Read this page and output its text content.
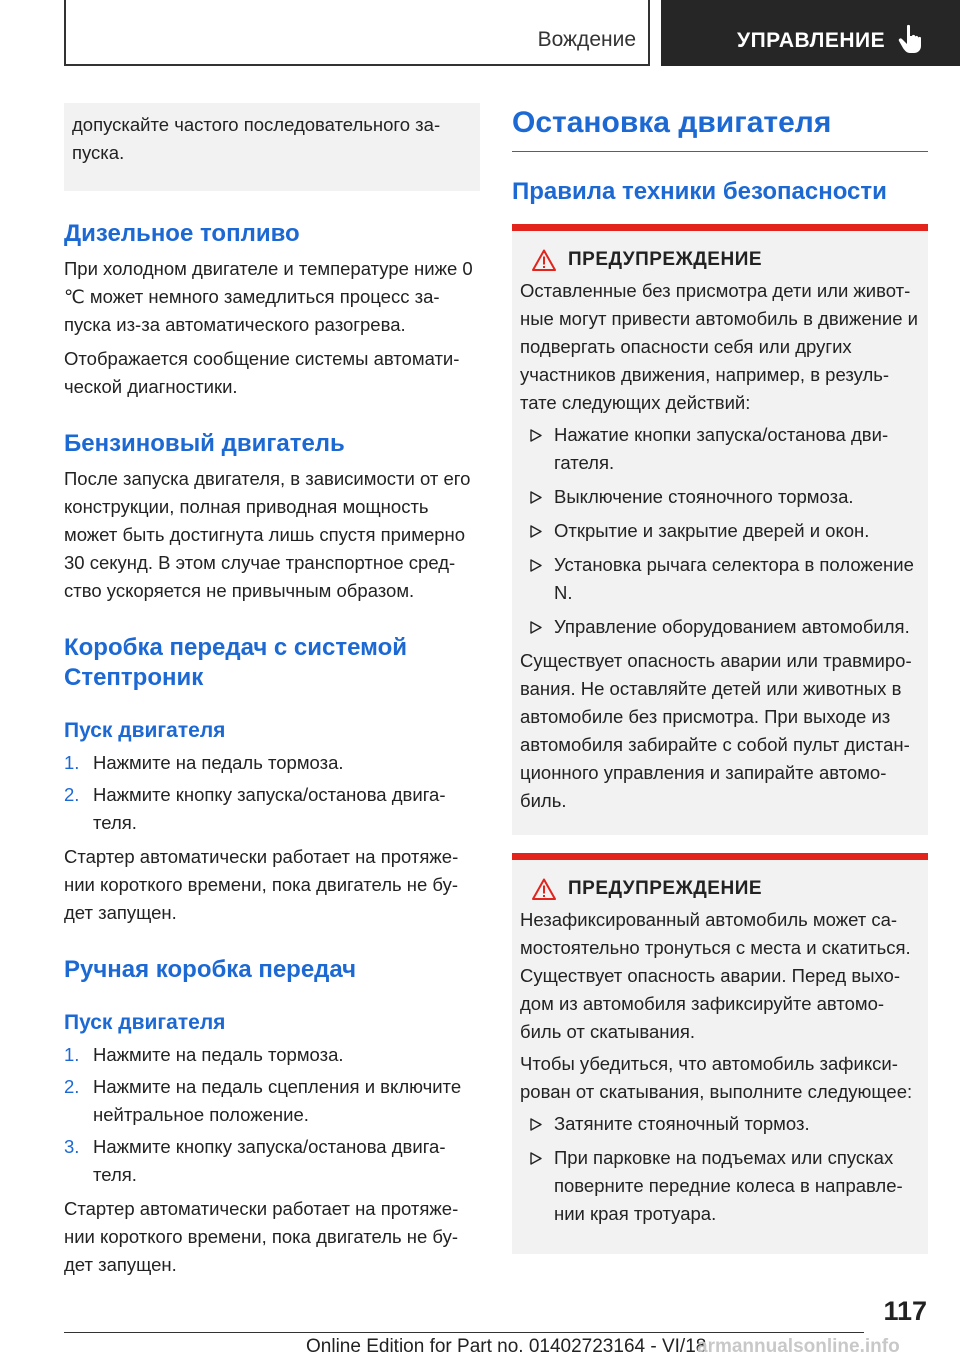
Вождение	УПРАВЛЕНИЕ
допускайте частого последовательного за‐ пуска.
Дизельное топливо

При холодном двигателе и температуре ниже 0 ℃ может немного замедлиться процесс за‐ пуска из-за автоматического разогрева.

Отображается сообщение системы автомати‐ ческой диагностики.

Бензиновый двигатель

После запуска двигателя, в зависимости от его конструкции, полная приводная мощность может быть достигнута лишь спустя примерно 30 секунд. В этом случае транспортное сред‐ ство ускоряется не привычным образом.

Коробка передач с системой Стептроник
Пуск двигателя
1. Нажмите на педаль тормоза.
2. Нажмите кнопку запуска/останова двига‐ теля.

Стартер автоматически работает на протяже‐ нии короткого времени, пока двигатель не бу‐ дет запущен.

Ручная коробка передач
Пуск двигателя
1. Нажмите на педаль тормоза.
2. Нажмите на педаль сцепления и включите нейтральное положение.
3. Нажмите кнопку запуска/останова двига‐ теля.

Стартер автоматически работает на протяже‐ нии короткого времени, пока двигатель не бу‐ дет запущен.

Остановка двигателя
Правила техники безопасности
ПРЕДУПРЕЖДЕНИЕ

Оставленные без присмотра дети или живот‐ ные могут привести автомобиль в движение и подвергать опасности себя или других участников движения, например, в резуль‐ тате следующих действий:

Нажатие кнопки запуска/останова дви‐ гателя.
Выключение стояночного тормоза.
Открытие и закрытие дверей и окон.
Установка рычага селектора в положение N.
Управление оборудованием автомобиля.

Существует опасность аварии или травмиро‐ вания. Не оставляйте детей или животных в автомобиле без присмотра. При выходе из автомобиля забирайте с собой пульт дистан‐ ционного управления и запирайте автомо‐ биль.

ПРЕДУПРЕЖДЕНИЕ

Незафиксированный автомобиль может са‐ мостоятельно тронуться с места и скатиться. Существует опасность аварии. Перед выхо‐ дом из автомобиля зафиксируйте автомо‐ биль от скатывания.

Чтобы убедиться, что автомобиль зафикси‐ рован от скатывания, выполните следующее:

Затяните стояночный тормоз.
При парковке на подъемах или спусках поверните передние колеса в направле‐ нии края тротуара.
117
Online Edition for Part no. 01402723164 - VI/18
armannualsonline.info
